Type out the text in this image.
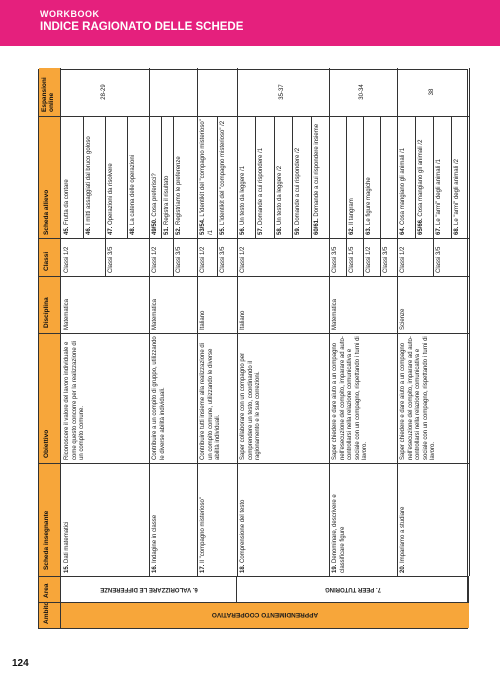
WORKBOOK
INDICE RAGIONATO DELLE SCHEDE
Ambito
Area
Scheda insegnante
Obiettivo
Disciplina
Classi
Scheda allievo
Espansioni online
APPRENDIMENTO COOPERATIVO
15. Dati matematici
Riconoscere il valore del lavoro individuale e come questo concorre per la realizzazione di un compito comune.
Matematica
Classi 1/2
45. Frutta da contare
46. I mitti assaggiati dal bruco goloso
Classi 3/5
47. Operazioni da risolvere
48. La catena delle operazioni
28-29
16. Indagine in classe
Contribuire a un compito di gruppo, utilizzando le diverse abilità individuali.
Matematica
Classi 1/2
49/50. Cosa preferisci?
51. Registra il risultato
Classi 3/5
52. Registriamo le preferenze
17. Il "compagno misterioso"
Contribuire tutti insieme alla realizzazione di un compito comune, utilizzando le diverse abilità individuali.
Italiano
Classi 1/2
53/54. L'identikit del "compagno misterioso" /1
Classi 3/5
55. L'identikit del "compagno misterioso" /2
18. Comprensione del testo
Saper collaborare con un compagno per comprendere un testo, coordinando il ragionamento e le sue correzioni.
Italiano
Classi 1/2
56. Un testo da leggere /1
57. Domande a cui rispondere /1
58. Un testo da leggere /2
59. Domande a cui rispondere /2
60/61. Domande a cui rispondere insieme
35-37
19. Denominare, descrivere e classificare figure
Saper chiedere e dare aiuto a un compagno nell'esecuzione del compito, imparare ad auto-controllarsi nella relazione comunicativa e sociale con un compagno, rispettando i turni di lavoro.
Matematica
Classi 3/5	Classi 1/5
62. Il tangram
Classi 1/2
63. Le figure magiche
Classi 3/5
30-34
20. Impariamo a studiare
Saper chiedere e dare aiuto a un compagno nell'esecuzione del compito, imparare ad auto-controllarsi nella relazione comunicativa e sociale con un compagno, rispettando i turni di lavoro.
Scienze
Classi 1/2
64. Cosa mangiano gli animali /1
65/66. Cosa mangiano gli animali /2
Classi 3/5
67. Le "armi" degli animali /1
68. Le "armi" degli animali /2
38
6. VALORIZZARE LE DIFFERENZE	7. PEER TUTORING
124
